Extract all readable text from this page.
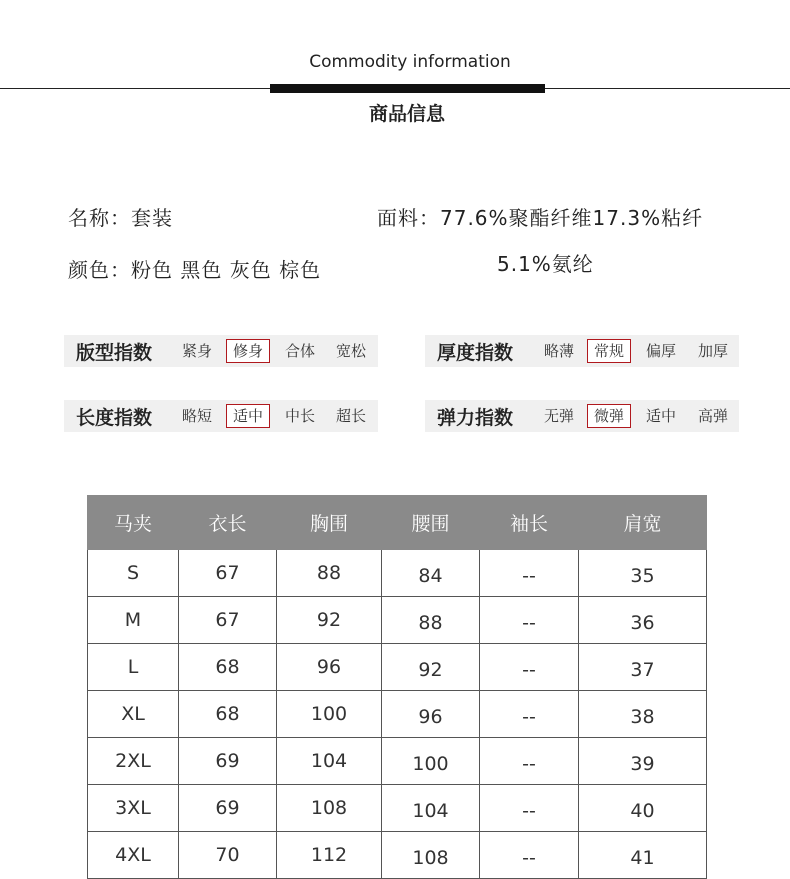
Commodity information
商品信息
名称：套装
颜色：粉色 黑色 灰色 棕色
面料：77.6%聚酯纤维17.3%粘纤
5.1%氨纶
版型指数	紧身	修身	合体	宽松	厚度指数	略薄	常规	偏厚	加厚
长度指数	略短	适中	中长	超长	弹力指数	无弹	微弹	适中	高弹
马夹	衣长	胸围	腰围	袖长	肩宽
S	67	88	84	--	35
M	67	92	88	--	36
L	68	96	92	--	37
XL	68	100	96	--	38
2XL	69	104	100	--	39
3XL	69	108	104	--	40
4XL	70	112	108	--	41
